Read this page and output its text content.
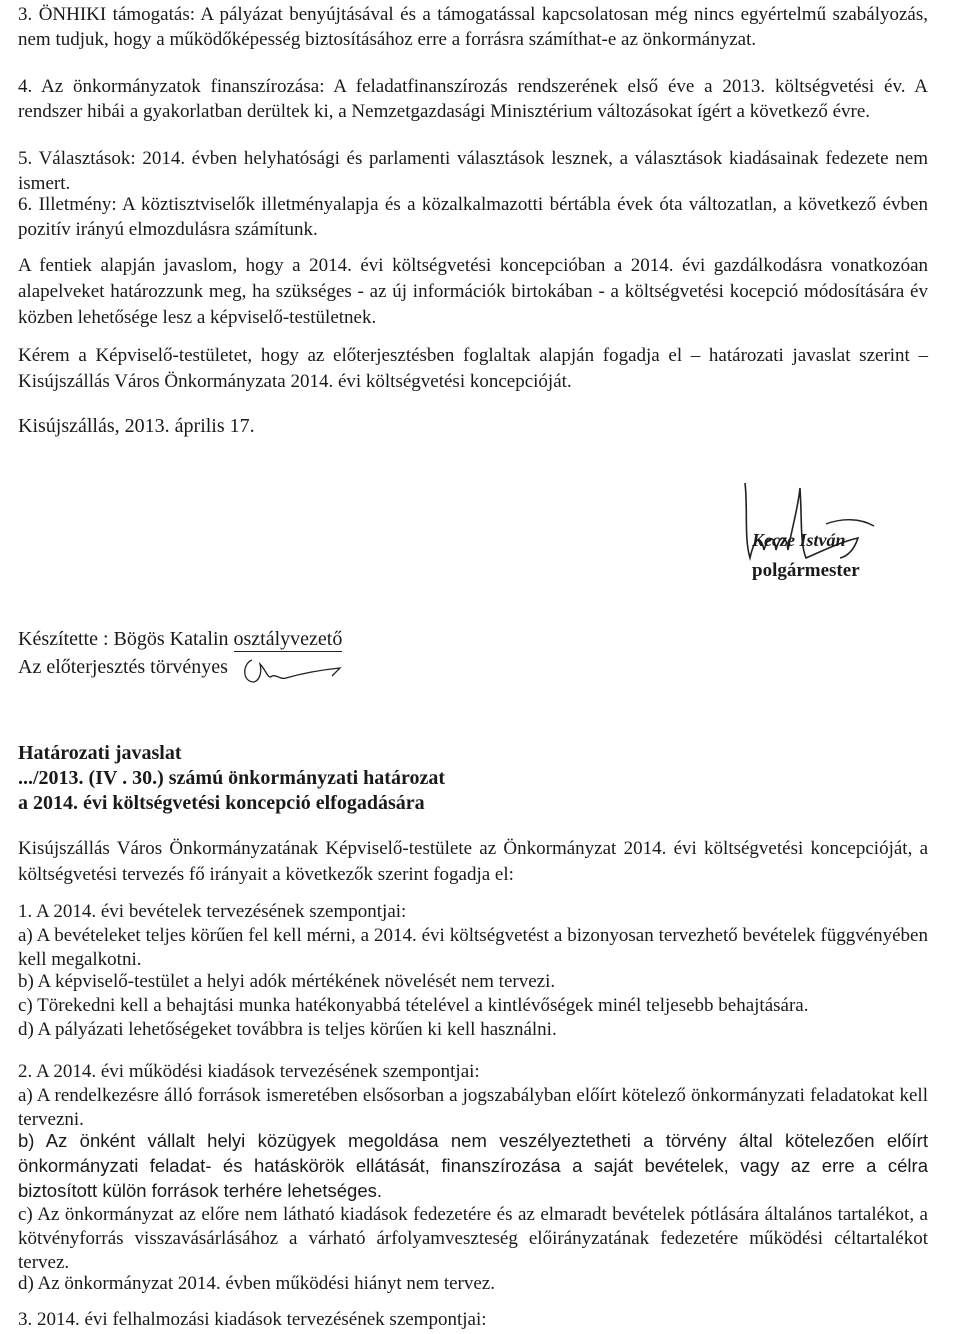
3. ÖNHIKI támogatás: A pályázat benyújtásával és a támogatással kapcsolatosan még nincs egyértelmű szabályozás, nem tudjuk, hogy a működőképesség biztosításához erre a forrásra számíthat-e az önkormányzat.

4. Az önkormányzatok finanszírozása: A feladatfinanszírozás rendszerének első éve a 2013. költségvetési év. A rendszer hibái a gyakorlatban derültek ki, a Nemzetgazdasági Minisztérium változásokat ígért a következő évre.

5. Választások: 2014. évben helyhatósági és parlamenti választások lesznek, a választások kiadásainak fedezete nem ismert.

6. Illetmény: A köztisztviselők illetményalapja és a közalkalmazotti bértábla évek óta változatlan, a következő évben pozitív irányú elmozdulásra számítunk.

A fentiek alapján javaslom, hogy a 2014. évi költségvetési koncepcióban a 2014. évi gazdálkodásra vonatkozóan alapelveket határozzunk meg, ha szükséges - az új információk birtokában - a költségvetési kocepció módosítására év közben lehetősége lesz a képviselő-testületnek.

Kérem a Képviselő-testületet, hogy az előterjesztésben foglaltak alapján fogadja el – határozati javaslat szerint – Kisújszállás Város Önkormányzata 2014. évi költségvetési koncepcióját.

Kisújszállás, 2013. április 17.

Kecze István
polgármester
Készítette : Bögös Katalin osztályvezető
Az előterjesztés törvényes
Határozati javaslat
.../2013. (IV . 30.) számú önkormányzati határozat
a 2014. évi költségvetési koncepció elfogadására

Kisújszállás Város Önkormányzatának Képviselő-testülete az Önkormányzat 2014. évi költségvetési koncepcióját, a költségvetési tervezés fő irányait a következők szerint fogadja el:

1. A 2014. évi bevételek tervezésének szempontjai:

a) A bevételeket teljes körűen fel kell mérni, a 2014. évi költségvetést a bizonyosan tervezhető bevételek függvényében kell megalkotni.

b) A képviselő-testület a helyi adók mértékének növelését nem tervezi.

c) Törekedni kell a behajtási munka hatékonyabbá tételével a kintlévőségek minél teljesebb behajtására.

d) A pályázati lehetőségeket továbbra is teljes körűen ki kell használni.

2. A 2014. évi működési kiadások tervezésének szempontjai:

a) A rendelkezésre álló források ismeretében elsősorban a jogszabályban előírt kötelező önkormányzati feladatokat kell tervezni.

b) Az önként vállalt helyi közügyek megoldása nem veszélyeztetheti a törvény által kötelezően előírt önkormányzati feladat- és hatáskörök ellátását, finanszírozása a saját bevételek, vagy az erre a célra biztosított külön források terhére lehetséges.

c) Az önkormányzat az előre nem látható kiadások fedezetére és az elmaradt bevételek pótlására általános tartalékot, a kötvényforrás visszavásárlásához a várható árfolyamveszteség előirányzatának fedezetére működési céltartalékot tervez.

d) Az önkormányzat 2014. évben működési hiányt nem tervez.

3. 2014. évi felhalmozási kiadások tervezésének szempontjai:
